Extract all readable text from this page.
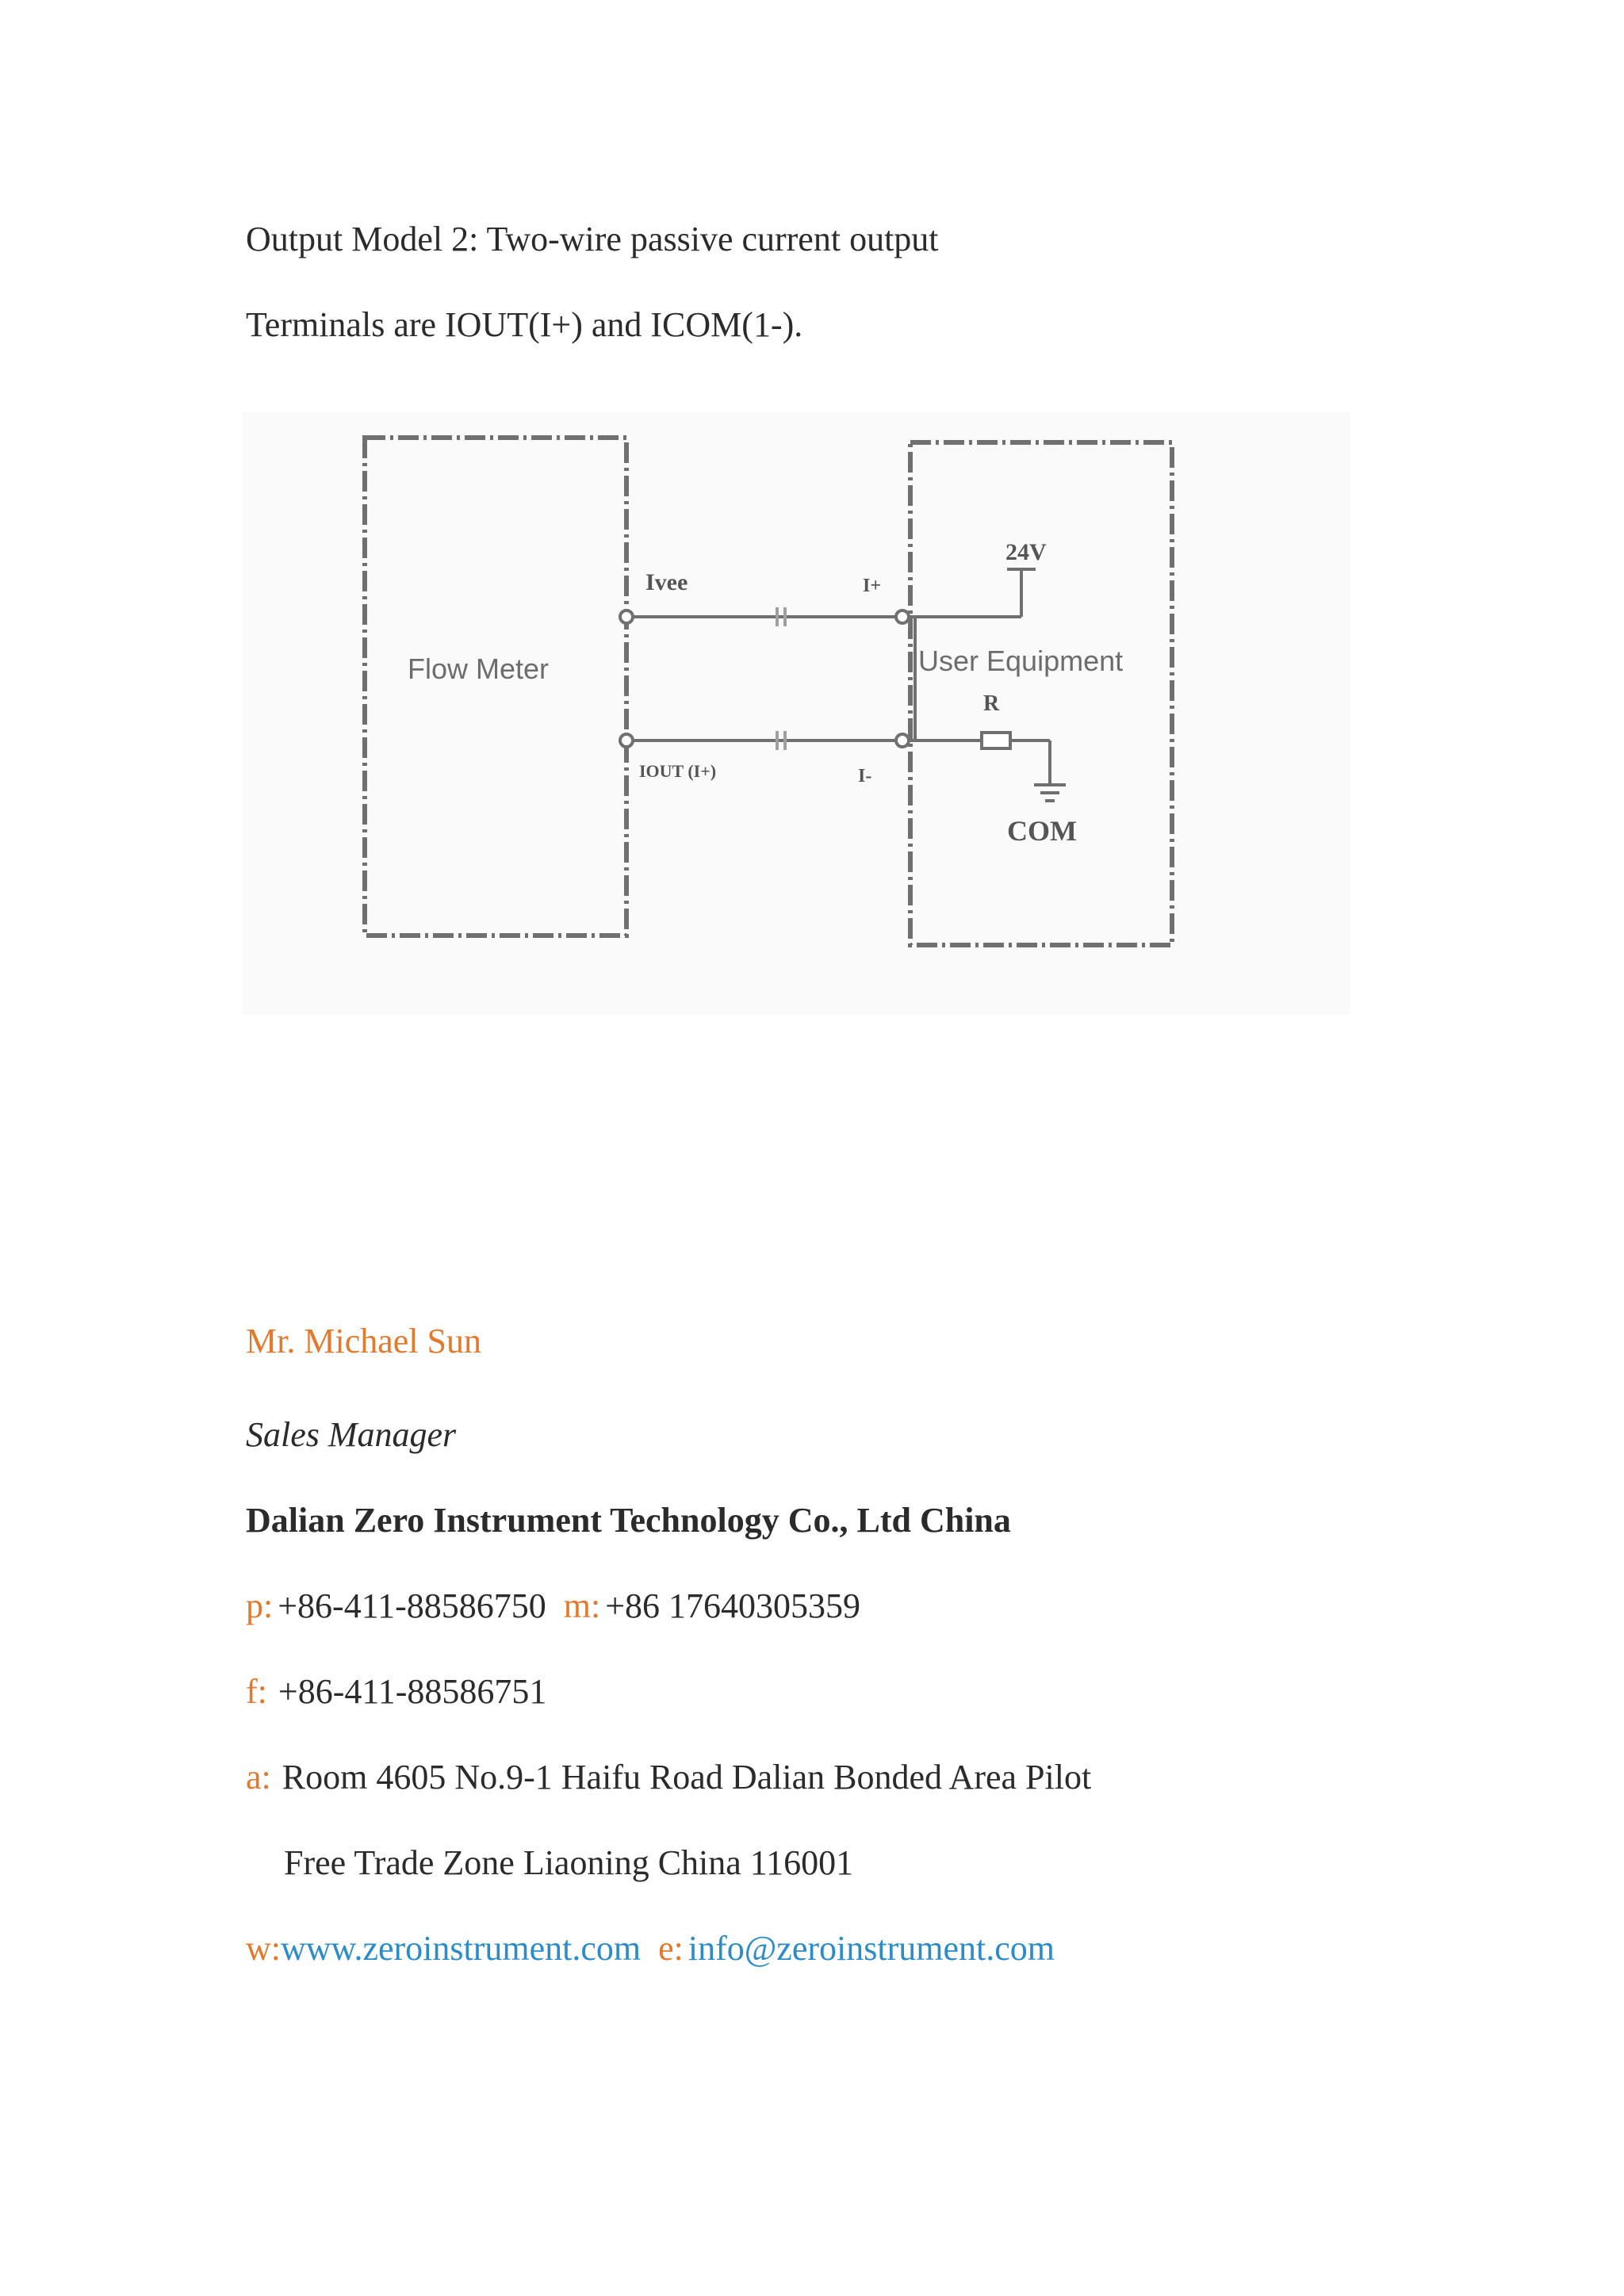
Output Model 2: Two-wire passive current output
Terminals are IOUT(I+) and ICOM(1-).
Flow Meter	User Equipment
24V
Ivee
IOUT (I+)
I+
I-
R
COM
Mr. Michael Sun
Sales Manager
Dalian Zero Instrument Technology Co., Ltd China
p: +86-411-88586750 m: +86 17640305359
f: +86-411-88586751
a: Room 4605 No.9-1 Haifu Road Dalian Bonded Area Pilot
Free Trade Zone Liaoning China 116001
w:www.zeroinstrument.com e: info@zeroinstrument.com
